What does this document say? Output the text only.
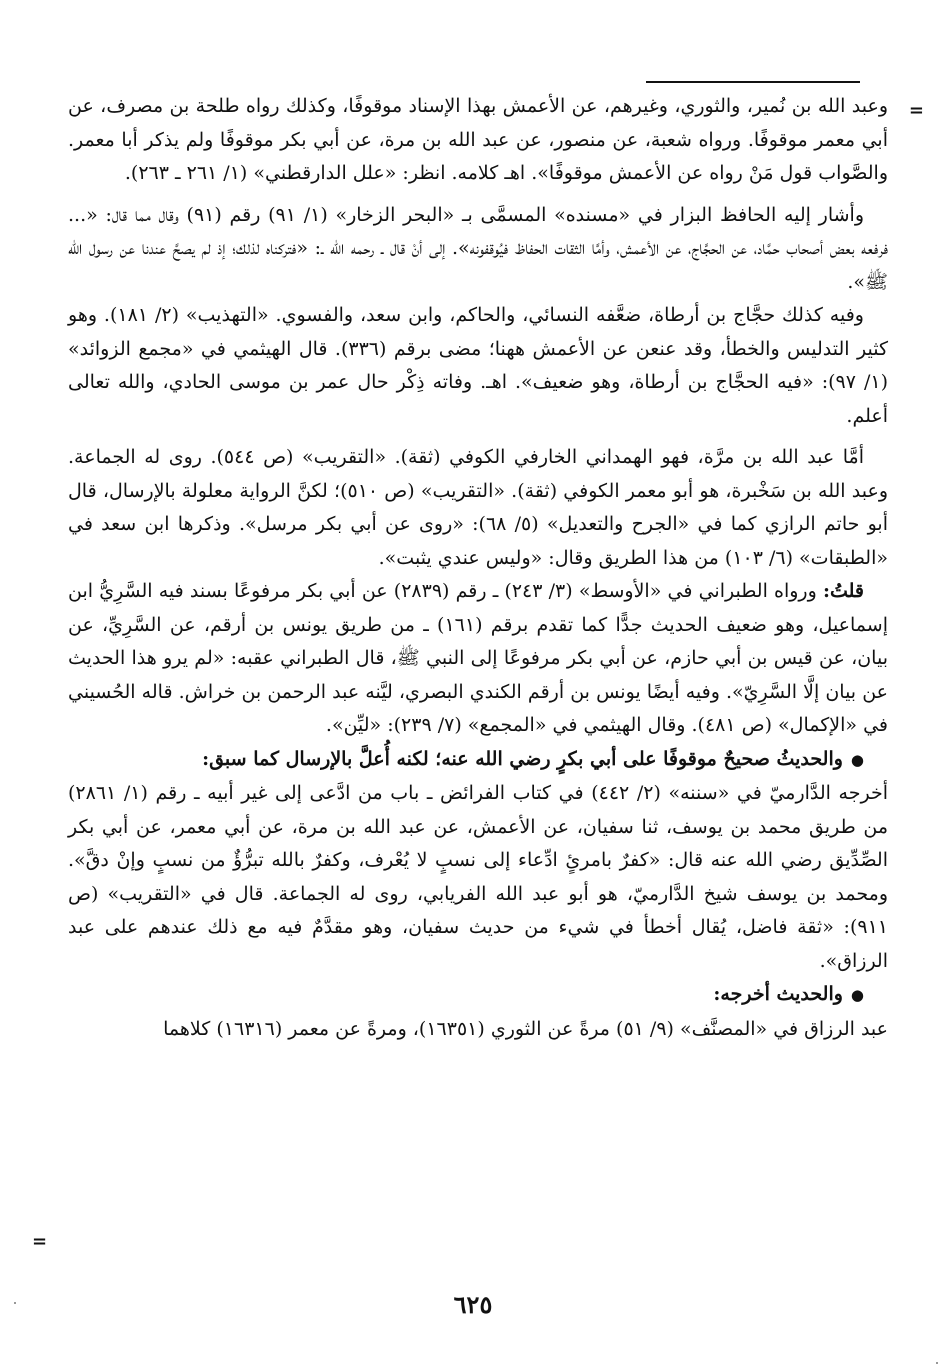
=

وعبد الله بن نُمير، والثوري، وغيرهم، عن الأعمش بهذا الإسناد موقوفًا، وكذلك رواه طلحة بن مصرف، عن أبي معمر موقوفًا. ورواه شعبة، عن منصور، عن عبد الله بن مرة، عن أبي بكر موقوفًا ولم يذكر أبا معمر. والصَّواب قول مَنْ رواه عن الأعمش موقوفًا». اهـ كلامه. انظر: «علل الدارقطني» (١/ ٢٦١ ـ ٢٦٣).

وأشار إليه الحافظ البزار في «مسنده» المسمَّى بـ «البحر الزخار» (١/ ٩١) رقم (٩١) وقال مما قال: «... فرفعه بعض أصحاب حمَّاد، عن الحجَّاج، عن الأعمش، وأمَّا الثقات الحفاظ فيُوقفونه». إلى أنْ قال ـ رحمه الله ـ: «فتركناه لذلك؛ إذ لم يصحَّ عندنا عن رسول الله ﷺ».

وفيه كذلك حجَّاج بن أرطاة، ضعَّفه النسائي، والحاكم، وابن سعد، والفسوي. «التهذيب» (٢/ ١٨١). وهو كثير التدليس والخطأ، وقد عنعن عن الأعمش ههنا؛ مضى برقم (٣٣٦). قال الهيثمي في «مجمع الزوائد» (١/ ٩٧): «فيه الحجَّاج بن أرطاة، وهو ضعيف». اهـ. وفاته ذِكْر حال عمر بن موسى الحادي، والله تعالى أعلم.

أمَّا عبد الله بن مرَّة، فهو الهمداني الخارفي الكوفي (ثقة). «التقريب» (ص ٥٤٤). روى له الجماعة. وعبد الله بن سَخْبرة، هو أبو معمر الكوفي (ثقة). «التقريب» (ص ٥١٠)؛ لكنَّ الرواية معلولة بالإرسال، قال أبو حاتم الرازي كما في «الجرح والتعديل» (٥/ ٦٨): «روى عن أبي بكر مرسل». وذكرها ابن سعد في «الطبقات» (٦/ ١٠٣) من هذا الطريق وقال: «وليس عندي يثبت».

قلتُ: ورواه الطبراني في «الأوسط» (٣/ ٢٤٣) ـ رقم (٢٨٣٩) عن أبي بكر مرفوعًا بسند فيه السَّرِيُّ ابن إسماعيل، وهو ضعيف الحديث جدًّا كما تقدم برقم (١٦١) ـ من طريق يونس بن أرقم، عن السَّرِيِّ، عن بيان، عن قيس بن أبي حازم، عن أبي بكر مرفوعًا إلى النبي ﷺ، قال الطبراني عقبه: «لم يرو هذا الحديث عن بيان إلَّا السَّرِيّ». وفيه أيضًا يونس بن أرقم الكندي البصري، ليَّنه عبد الرحمن بن خراش. قاله الحُسيني في «الإكمال» (ص ٤٨١). وقال الهيثمي في «المجمع» (٧/ ٢٣٩): «ليِّن».

●والحديثُ صحيحٌ موقوفًا على أبي بكرٍ رضي الله عنه؛ لكنه أُعلَّ بالإرسال كما سبق:

أخرجه الدَّارميّ في «سننه» (٢/ ٤٤٢) في كتاب الفرائض ـ باب من ادَّعى إلى غير أبيه ـ رقم (١/ ٢٨٦١) من طريق محمد بن يوسف، ثنا سفيان، عن الأعمش، عن عبد الله بن مرة، عن أبي معمر، عن أبي بكر الصِّدِّيق رضي الله عنه قال: «كفرٌ بامرئٍ ادِّعاء إلى نسبٍ لا يُعْرف، وكفرٌ بالله تبرُّؤٌ من نسبٍ وإنْ دقَّ». ومحمد بن يوسف شيخ الدَّارميّ، هو أبو عبد الله الفريابي، روى له الجماعة. قال في «التقريب» (ص ٩١١): «ثقة فاضل، يُقال أخطأ في شيء من حديث سفيان، وهو مقدَّمٌ فيه مع ذلك عندهم على عبد الرزاق».

●والحديث أخرجه:

عبد الرزاق في «المصنَّف» (٩/ ٥١) مرةً عن الثوري (١٦٣٥١)، ومرةً عن معمر (١٦٣١٦) كلاهما

=
٦٢٥
